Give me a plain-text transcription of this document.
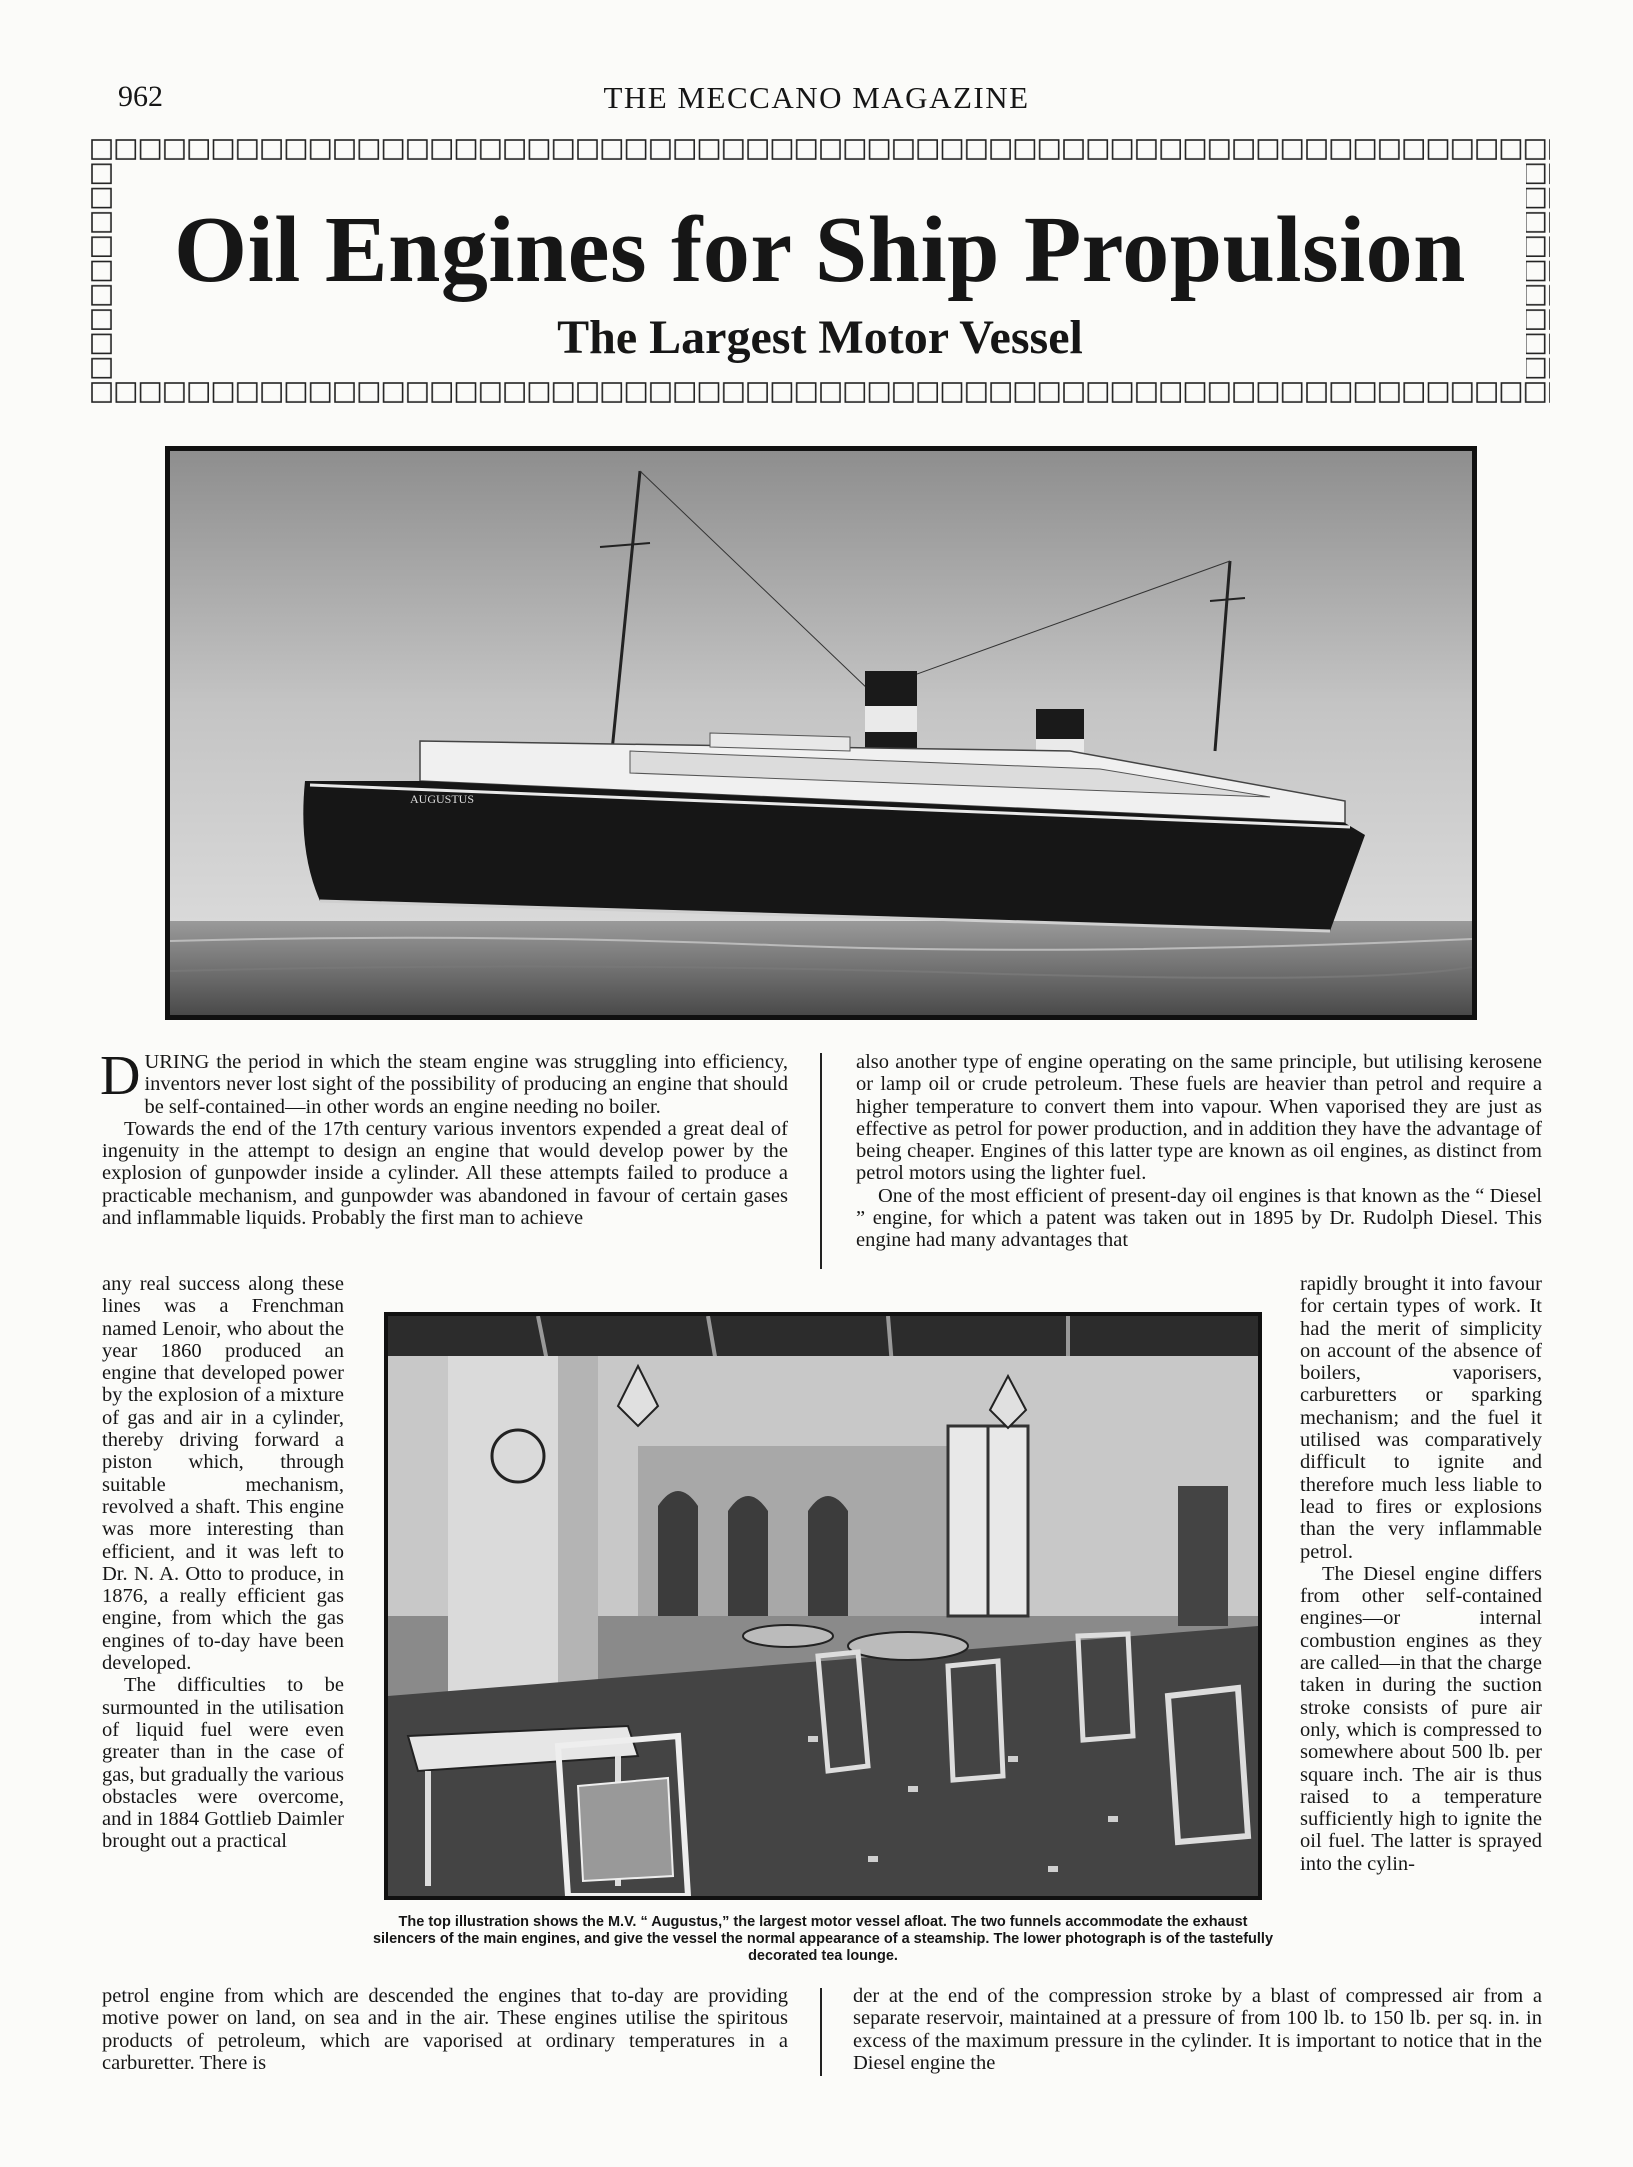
962	THE MECCANO MAGAZINE
Oil Engines for Ship Propulsion
The Largest Motor Vessel
AUGUSTUS

DURING the period in which the steam engine was struggling into efficiency, inventors never lost sight of the possibility of producing an engine that should be self-contained—in other words an engine needing no boiler.

Towards the end of the 17th century various inventors expended a great deal of ingenuity in the attempt to design an engine that would develop power by the explosion of gunpowder inside a cylinder. All these attempts failed to produce a practicable mechanism, and gunpowder was abandoned in favour of certain gases and inflammable liquids. Probably the first man to achieve

also another type of engine operating on the same principle, but utilising kerosene or lamp oil or crude petroleum. These fuels are heavier than petrol and require a higher temperature to convert them into vapour. When vaporised they are just as effective as petrol for power production, and in addition they have the advantage of being cheaper. Engines of this latter type are known as oil engines, as distinct from petrol motors using the lighter fuel.

One of the most efficient of present-day oil engines is that known as the “ Diesel ” engine, for which a patent was taken out in 1895 by Dr. Rudolph Diesel. This engine had many advantages that

any real success along these lines was a Frenchman named Lenoir, who about the year 1860 produced an engine that developed power by the explosion of a mixture of gas and air in a cylinder, thereby driving forward a piston which, through suitable mechanism, revolved a shaft. This engine was more interesting than efficient, and it was left to Dr. N. A. Otto to produce, in 1876, a really efficient gas engine, from which the gas engines of to-day have been developed.

The difficulties to be surmounted in the utilisation of liquid fuel were even greater than in the case of gas, but gradually the various obstacles were overcome, and in 1884 Gottlieb Daimler brought out a practical

The top illustration shows the M.V. “ Augustus,” the largest motor vessel afloat. The two funnels accommodate the exhaust silencers of the main engines, and give the vessel the normal appearance of a steamship. The lower photograph is of the tastefully decorated tea lounge.

rapidly brought it into favour for certain types of work. It had the merit of simplicity on account of the absence of boilers, vaporisers, carburetters or sparking mechanism; and the fuel it utilised was comparatively difficult to ignite and therefore much less liable to lead to fires or explosions than the very inflammable petrol.

The Diesel engine differs from other self-contained engines—or internal combustion engines as they are called—in that the charge taken in during the suction stroke consists of pure air only, which is compressed to somewhere about 500 lb. per square inch. The air is thus raised to a temperature sufficiently high to ignite the oil fuel. The latter is sprayed into the cylin-

petrol engine from which are descended the engines that to-day are providing motive power on land, on sea and in the air. These engines utilise the spiritous products of petroleum, which are vaporised at ordinary temperatures in a carburetter. There is

der at the end of the compression stroke by a blast of compressed air from a separate reservoir, maintained at a pressure of from 100 lb. to 150 lb. per sq. in. in excess of the maximum pressure in the cylinder. It is important to notice that in the Diesel engine the
